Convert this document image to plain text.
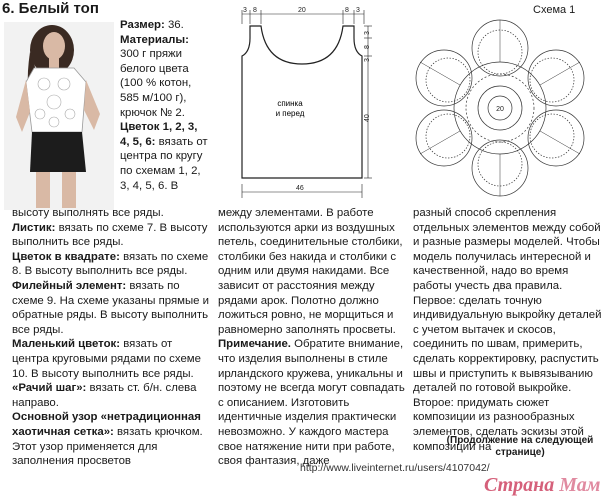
6. Белый топ

Размер: 36.

Материалы: 300 г пряжи белого цвета (100 % котон, 585 м/100 г), крючок № 2.

Цветок 1, 2, 3, 4, 5, 6: вязать от центра по кругу по схемам 1, 2, 3, 4, 5, 6. В

3 8	20	8 3
8
3
3
40
46
спинка
и перед
Схема 1
20

высоту выполнять все ряды.

Листик: вязать по схеме 7. В высоту выполнить все ряды.

Цветок в квадрате: вязать по схеме 8. В высоту выполнить все ряды.

Филейный элемент: вязать по схеме 9. На схеме указаны прямые и обратные ряды. В высоту выполнить все ряды.

Маленький цветок: вязать от центра круговыми рядами по схеме 10. В высоту выполнить все ряды.

«Рачий шаг»: вязать ст. б/н. слева направо.

Основной узор «нетрадиционная хаотичная сетка»: вязать крючком. Этот узор применяется для заполнения просветов

между элементами. В работе используются арки из воздушных петель, соединительные столбики, столбики без накида и столбики с одним или двумя накидами. Все зависит от расстояния между рядами арок. Полотно должно ложиться ровно, не морщиться и равномерно заполнять просветы.

Примечание. Обратите внимание, что изделия выполнены в стиле ирландского кружева, уникальны и поэтому не всегда могут совпадать с описанием. Изготовить идентичные изделия практически невозможно. У каждого мастера свое натяжение нити при работе, своя фантазия, даже

разный способ скрепления отдельных элементов между собой и разные размеры моделей. Чтобы модель получилась интересной и качественной, надо во время работы учесть два правила. Первое: сделать точную индивидуальную выкройку деталей с учетом вытачек и скосов, соединить по швам, примерить, сделать корректировку, распустить швы и приступить к вывязыванию деталей по готовой выкройке. Второе: придумать сюжет композиции из разнообразных элементов, сделать эскизы этой композиции на

(Продолжение на следующей странице)
http://www.liveinternet.ru/users/4107042/
Страна Мам
